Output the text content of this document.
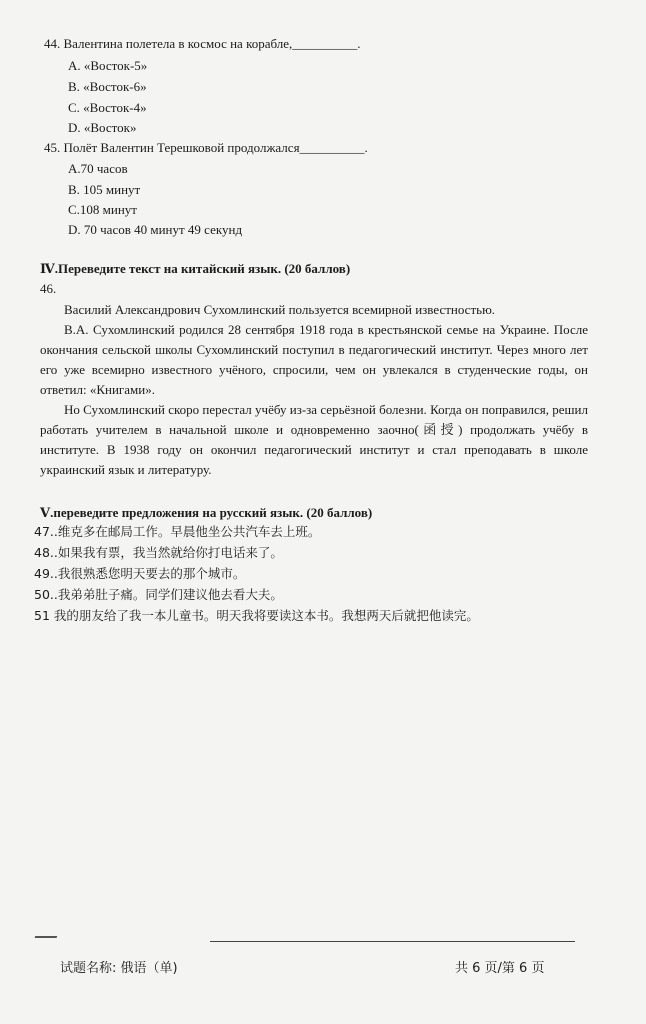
44. Валентина полетела в космос на корабле,__________.
A. «Восток-5»
B. «Восток-6»
C. «Восток-4»
D. «Восток»
45. Полёт Валентин Терешковой продолжался__________.
A.70 часов
B. 105 минут
C.108 минут
D. 70 часов 40 минут 49 секунд
Ⅳ.Переведите текст на китайский язык. (20 баллов)
46.

Василий Александрович Сухомлинский пользуется всемирной известностью.

В.А. Сухомлинский родился 28 сентября 1918 года в крестьянской семье на Украине. После окончания сельской школы Сухомлинский поступил в педагогический институт. Через много лет его уже всемирно известного учёного, спросили, чем он увлекался в студенческие годы, он ответил: «Книгами».

Но Сухомлинский скоро перестал учёбу из-за серьёзной болезни. Когда он поправился, решил работать учителем в начальной школе и одновременно заочно(函授) продолжать учёбу в институте. В 1938 году он окончил педагогический институт и стал преподавать в школе украинский язык и литературу.

Ⅴ.переведите предложения на русский язык. (20 баллов)
47..维克多在邮局工作。早晨他坐公共汽车去上班。
48..如果我有票，我当然就给你打电话来了。
49..我很熟悉您明天要去的那个城市。
50..我弟弟肚子痛。同学们建议他去看大夫。
51 我的朋友给了我一本儿童书。明天我将要读这本书。我想两天后就把他读完。
试题名称: 俄语（单)	共 6 页/第 6 页
